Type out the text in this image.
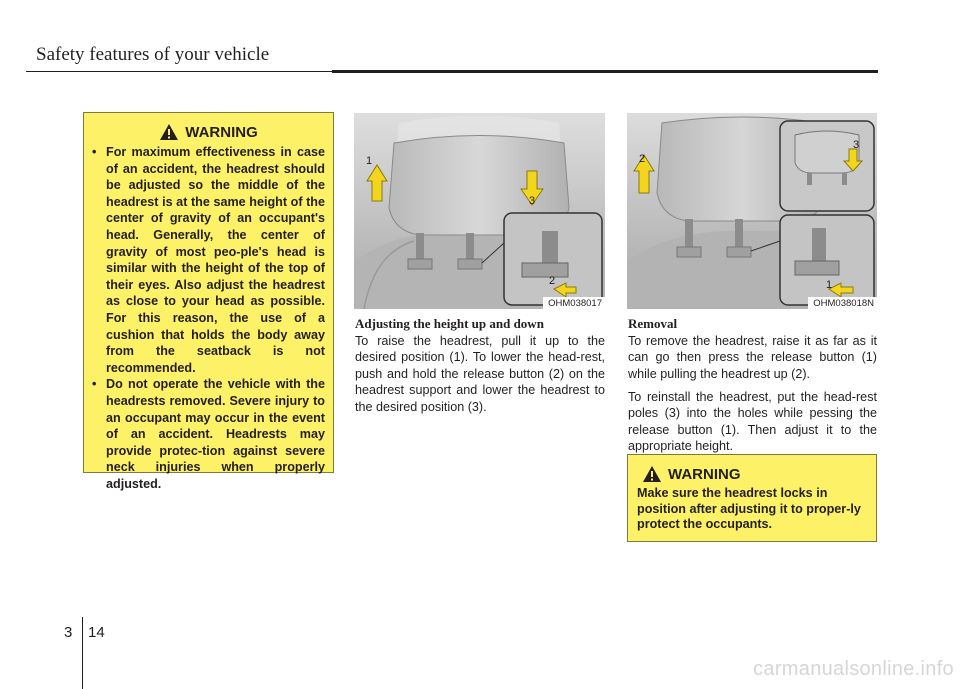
Safety features of your vehicle
WARNING
• For maximum effectiveness in case of an accident, the headrest should be adjusted so the middle of the headrest is at the same height of the center of gravity of an occupant's head. Generally, the center of gravity of most peo-ple's head is similar with the height of the top of their eyes. Also adjust the headrest as close to your head as possible. For this reason, the use of a cushion that holds the body away from the seatback is not recommended.
• Do not operate the vehicle with the headrests removed. Severe injury to an occupant may occur in the event of an accident. Headrests may provide protec-tion against severe neck injuries when properly adjusted.
1
2
3
OHM038017
1
2
3
OHM038018N
Adjusting the height up and down

To raise the headrest, pull it up to the desired position (1). To lower the head-rest, push and hold the release button (2) on the headrest support and lower the headrest to the desired position (3).

Removal

To remove the headrest, raise it as far as it can go then press the release button (1) while pulling the headrest up (2).

To reinstall the headrest, put the head-rest poles (3) into the holes while pessing the release button (1). Then adjust it to the appropriate height.

WARNING
Make sure the headrest locks in position after adjusting it to proper-ly protect the occupants.
3 14
carmanualsonline.info
